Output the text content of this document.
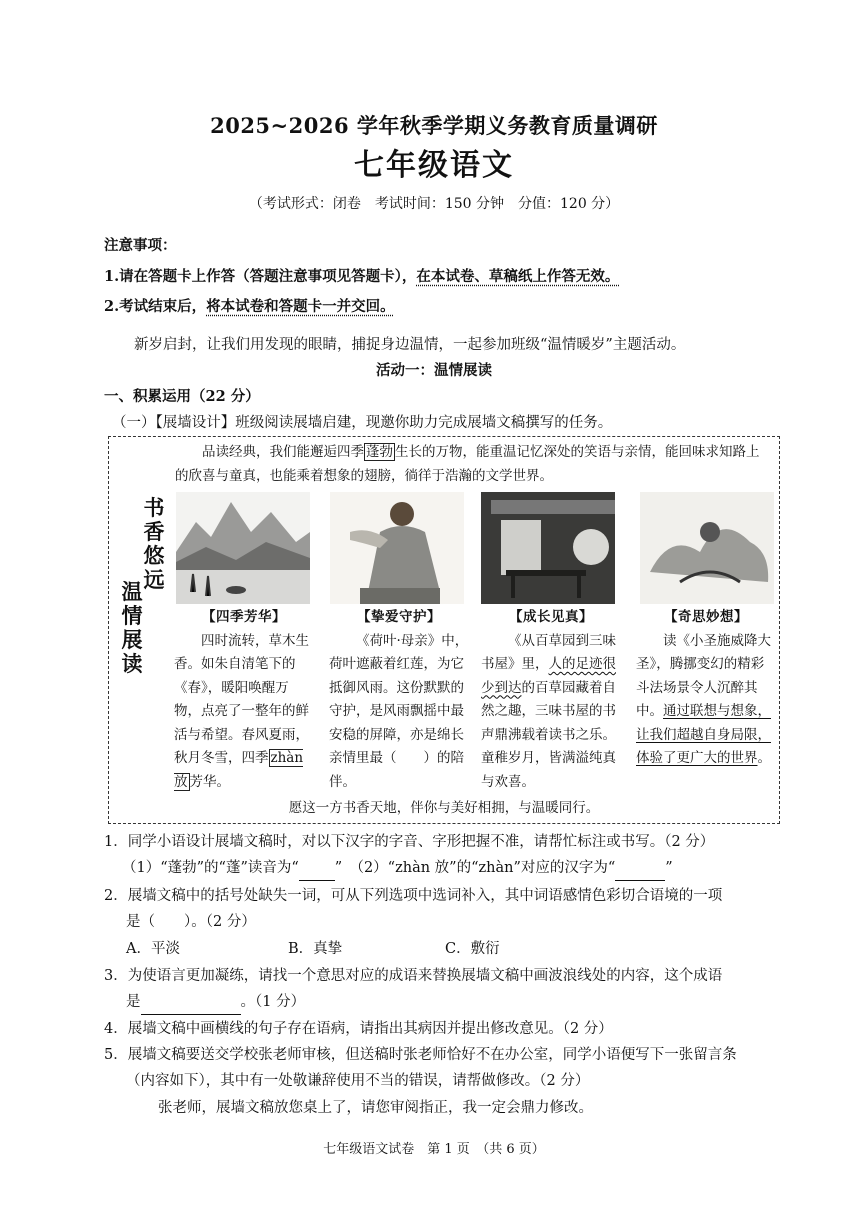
2025~2026 学年秋季学期义务教育质量调研
七年级语文
（考试形式：闭卷　考试时间：150 分钟　分值：120 分）
注意事项：
1.请在答题卡上作答（答题注意事项见答题卡），在本试卷、草稿纸上作答无效。
2.考试结束后，将本试卷和答题卡一并交回。
新岁启封，让我们用发现的眼睛，捕捉身边温情，一起参加班级“温情暖岁”主题活动。
活动一：温情展读
一、积累运用（22 分）
（一）【展墙设计】班级阅读展墙启建，现邀你助力完成展墙文稿撰写的任务。
书
香
悠
远
温
情
展
读
品读经典，我们能邂逅四季 蓬勃 生长的万物，能重温记忆深处的笑语与亲情，能回味求知路上的欣喜与童真，也能乘着想象的翅膀，徜徉于浩瀚的文学世界。
【四季芳华】
四时流转，草木生香。如朱自清笔下的《春》，暖阳唤醒万物，点亮了一整年的鲜活与希望。春风夏雨，秋月冬雪，四季 zhàn 放 芳华。
【挚爱守护】
《荷叶·母亲》中，荷叶遮蔽着红莲，为它抵御风雨。这份默默的守护，是风雨飘摇中最安稳的屏障，亦是绵长亲情里最（　　）的陪伴。
【成长见真】
《从百草园到三味书屋》里，人的足迹很少到达的百草园藏着自然之趣，三味书屋的书声鼎沸载着读书之乐。童稚岁月，皆满溢纯真与欢喜。
【奇思妙想】
读《小圣施威降大圣》，腾挪变幻的精彩斗法场景令人沉醉其中。通过联想与想象，让我们超越自身局限，体验了更广大的世界。
愿这一方书香天地，伴你与美好相拥，与温暖同行。
1．同学小语设计展墙文稿时，对以下汉字的字音、字形把握不准，请帮忙标注或书写。（2 分）
（1）“蓬勃”的“蓬”读音为“ ”　（2）“zhàn 放”的“zhàn”对应的汉字为“	”
2．展墙文稿中的括号处缺失一词，可从下列选项中选词补入，其中词语感情色彩切合语境的一项
是（　　）。（2 分）
A．平淡	B．真挚	C．敷衍
3．为使语言更加凝练，请找一个意思对应的成语来替换展墙文稿中画波浪线处的内容，这个成语
是	。（1 分）
4．展墙文稿中画横线的句子存在语病，请指出其病因并提出修改意见。（2 分）
5．展墙文稿要送交学校张老师审核，但送稿时张老师恰好不在办公室，同学小语便写下一张留言条
（内容如下），其中有一处敬谦辞使用不当的错误，请帮做修改。（2 分）
张老师，展墙文稿放您桌上了，请您审阅指正，我一定会鼎力修改。
七年级语文试卷　第 1 页　（共 6 页）
